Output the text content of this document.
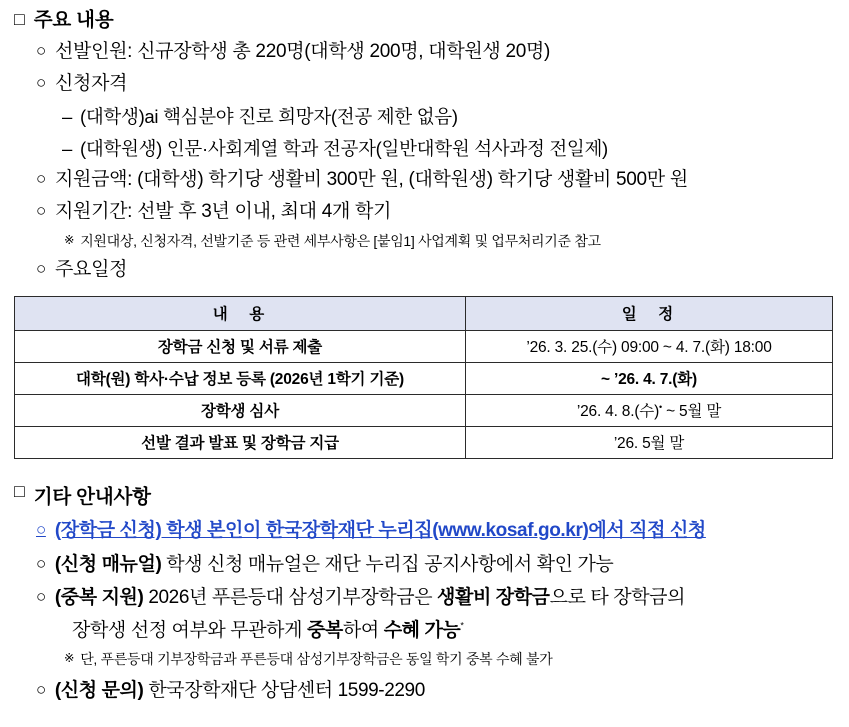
□ 주요 내용
○ 선발인원: 신규장학생 총 220명(대학생 200명, 대학원생 20명)
○ 신청자격
– (대학생)ai 핵심분야 진로 희망자(전공 제한 없음)
– (대학원생) 인문·사회계열 학과 전공자(일반대학원 석사과정 전일제)
○ 지원금액: (대학생) 학기당 생활비 300만 원, (대학원생) 학기당 생활비 500만 원
○ 지원기간: 선발 후 3년 이내, 최대 4개 학기
※ 지원대상, 신청자격, 선발기준 등 관련 세부사항은 [붙임1] 사업계획 및 업무처리기준 참고
○ 주요일정
내　용	일　정
장학금 신청 및 서류 제출	’26. 3. 25.(수) 09:00 ~ 4. 7.(화) 18:00
대학(원) 학사·수납 정보 등록 (2026년 1학기 기준)	~ ’26. 4. 7.(화)
장학생 심사	’26. 4. 8.(수)• ~ 5월 말
선발 결과 발표 및 장학금 지급	’26. 5월 말
□ 기타 안내사항
○ (장학금 신청) 학생 본인이 한국장학재단 누리집(www.kosaf.go.kr)에서 직접 신청
○ (신청 매뉴얼) 학생 신청 매뉴얼은 재단 누리집 공지사항에서 확인 가능
○ (중복 지원) 2026년 푸른등대 삼성기부장학금은 생활비 장학금으로 타 장학금의
장학생 선정 여부와 무관하게 중복하여 수혜 가능*
※ 단, 푸른등대 기부장학금과 푸른등대 삼성기부장학금은 동일 학기 중복 수혜 불가
○ (신청 문의) 한국장학재단 상담센터 1599-2290
